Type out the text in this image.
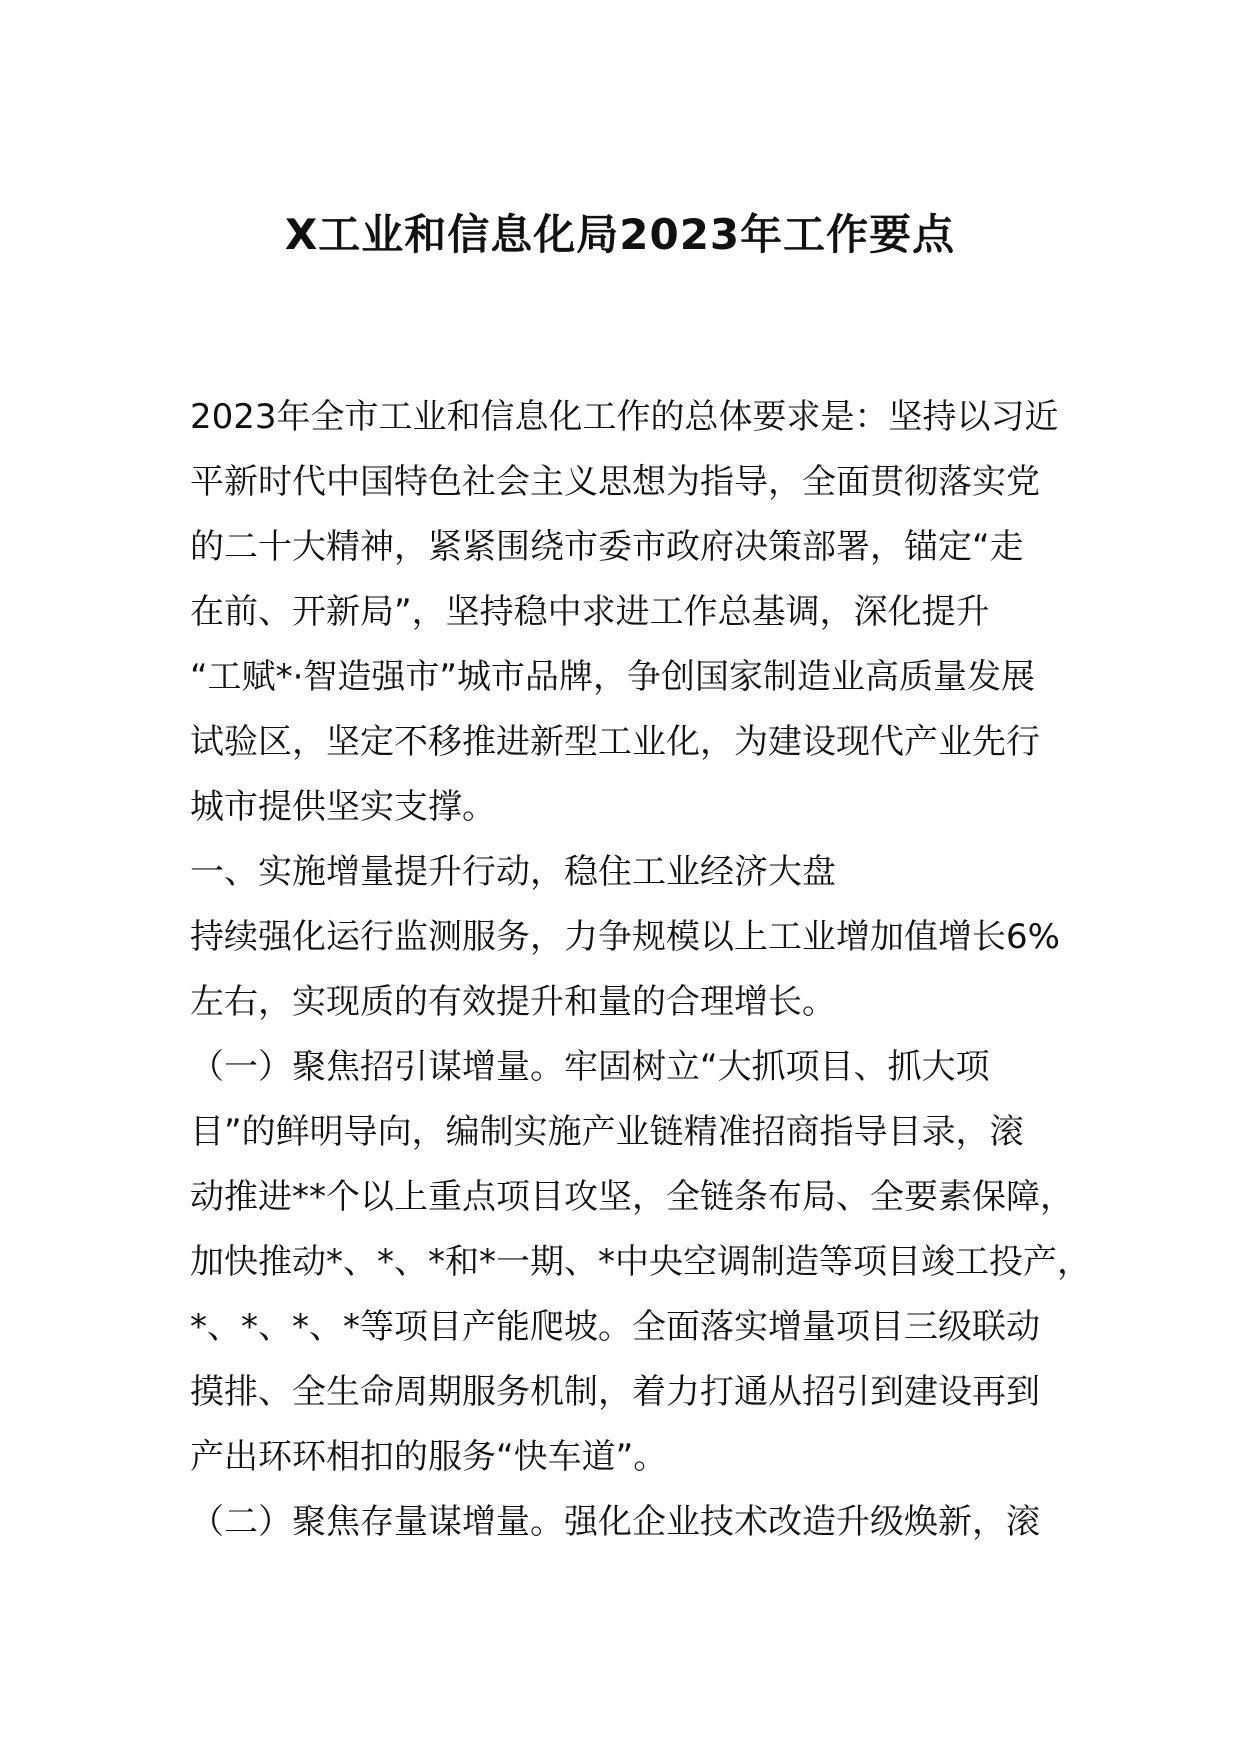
X工业和信息化局2023年工作要点
2023年全市工业和信息化工作的总体要求是：坚持以习近
平新时代中国特色社会主义思想为指导，全面贯彻落实党
的二十大精神，紧紧围绕市委市政府决策部署，锚定“走
在前、开新局”，坚持稳中求进工作总基调，深化提升
“工赋*·智造强市”城市品牌，争创国家制造业高质量发展
试验区，坚定不移推进新型工业化，为建设现代产业先行
城市提供坚实支撑。
一、实施增量提升行动，稳住工业经济大盘
持续强化运行监测服务，力争规模以上工业增加值增长6%
左右，实现质的有效提升和量的合理增长。
（一）聚焦招引谋增量。牢固树立“大抓项目、抓大项
目”的鲜明导向，编制实施产业链精准招商指导目录，滚
动推进**个以上重点项目攻坚，全链条布局、全要素保障，
加快推动*、*、*和*一期、*中央空调制造等项目竣工投产，
*、*、*、*等项目产能爬坡。全面落实增量项目三级联动
摸排、全生命周期服务机制，着力打通从招引到建设再到
产出环环相扣的服务“快车道”。
（二）聚焦存量谋增量。强化企业技术改造升级焕新，滚
